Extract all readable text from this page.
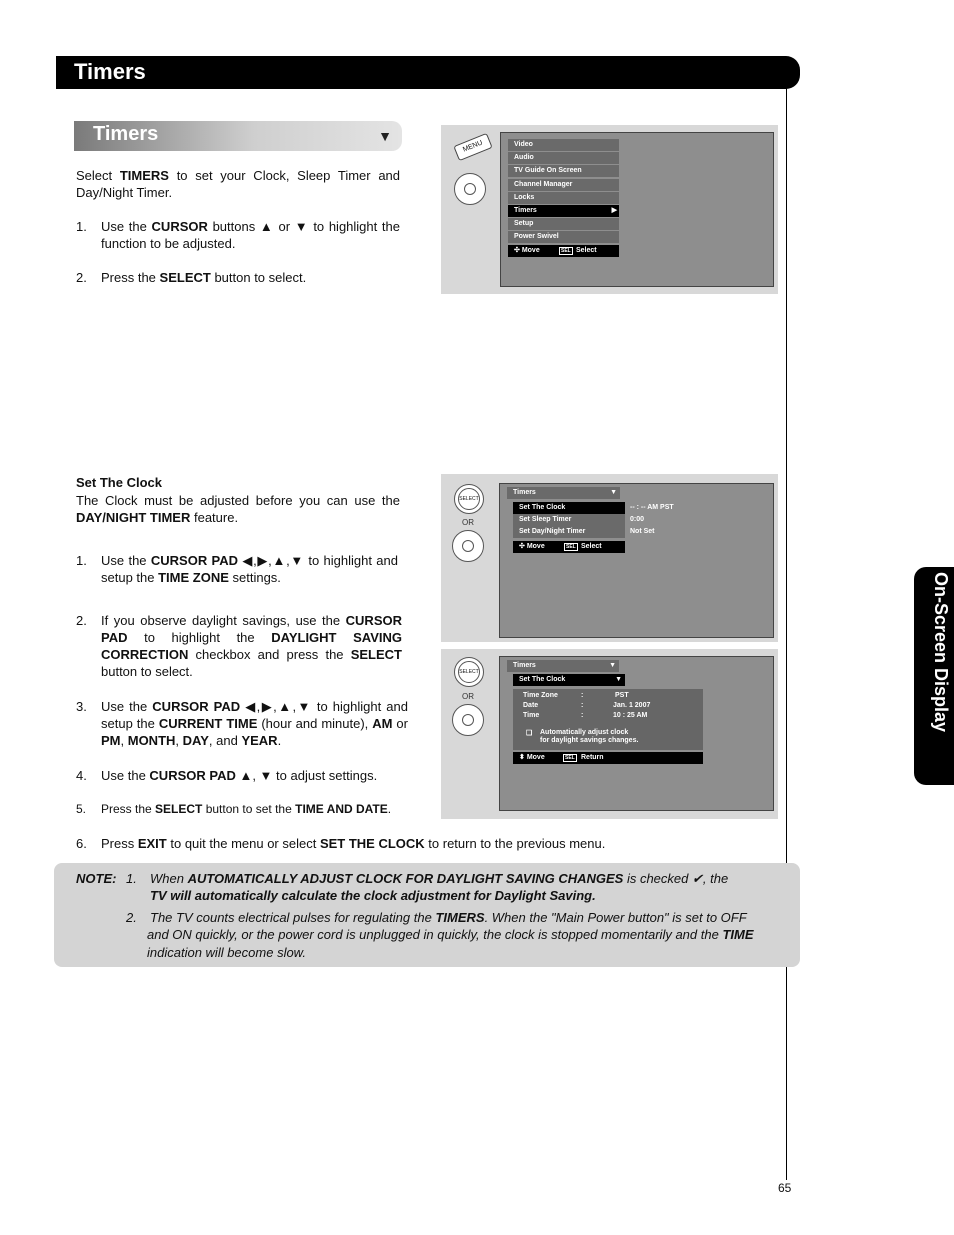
Timers
Timers	▼
Select TIMERS to set your Clock, Sleep Timer and Day/Night Timer.
1. Use the CURSOR buttons ▲ or ▼ to highlight the function to be adjusted.
2. Press the SELECT button to select.
MENU	Video
Audio
TV Guide On Screen
Channel Manager
Locks
Timers	▶
Setup
Power Swivel
✣ Move	SEL Select
Set The Clock
The Clock must be adjusted before you can use the DAY/NIGHT TIMER feature.
1. Use the CURSOR PAD ◀,▶,▲,▼ to highlight and setup the TIME ZONE settings.
2. If you observe daylight savings, use the CURSOR PAD to highlight the DAYLIGHT SAVING CORRECTION checkbox and press the SELECT button to select.
3. Use the CURSOR PAD ◀,▶,▲,▼ to highlight and setup the CURRENT TIME (hour and minute), AM or PM, MONTH, DAY, and YEAR.
4. Use the CURSOR PAD ▲, ▼ to adjust settings.
5. Press the SELECT button to set the TIME AND DATE.
6. Press EXIT to quit the menu or select SET THE CLOCK to return to the previous menu.
SELECT
OR
Timers	▼
Set The Clock	-- : -- AM PST
Set Sleep Timer	0:00
Set Day/Night Timer	Not Set
✣ Move	SEL Select
SELECT
OR
Timers	▼
Set The Clock	▼
Time Zone	:	PST
Date	:	Jan. 1 2007
Time	:	10 : 25 AM
❑ Automatically adjust clock
for daylight savings changes.
⬍ Move	SEL Return
NOTE: 1. When AUTOMATICALLY ADJUST CLOCK FOR DAYLIGHT SAVING CHANGES is checked ✔, the
TV will automatically calculate the clock adjustment for Daylight Saving.
2. The TV counts electrical pulses for regulating the TIMERS. When the "Main Power button" is set to OFF
and ON quickly, or the power cord is unplugged in quickly, the clock is stopped momentarily and the TIME
indication will become slow.
On-Screen Display
65
